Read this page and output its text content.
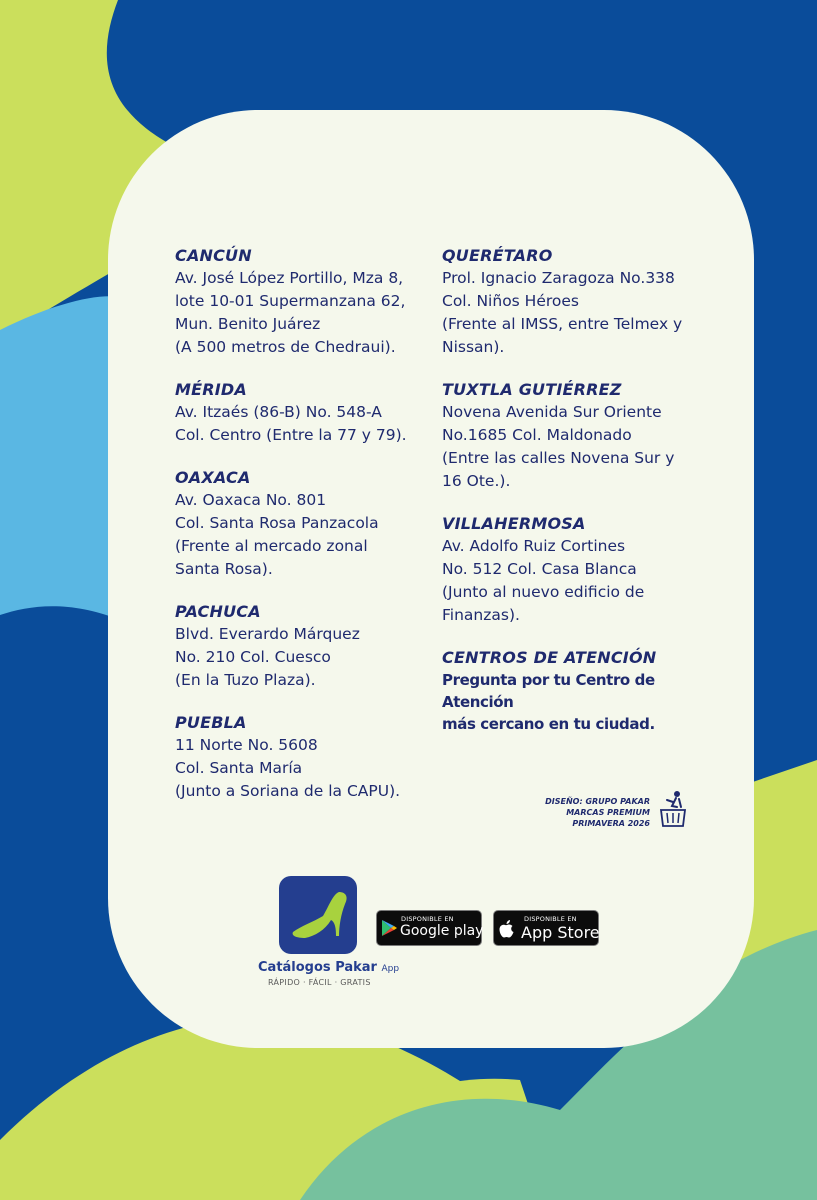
CANCÚN
Av. José López Portillo, Mza 8,
lote 10-01 Supermanzana 62,
Mun. Benito Juárez
(A 500 metros de Chedraui).
MÉRIDA
Av. Itzaés (86-B) No. 548-A
Col. Centro (Entre la 77 y 79).
OAXACA
Av. Oaxaca No. 801
Col. Santa Rosa Panzacola
(Frente al mercado zonal
Santa Rosa).
PACHUCA
Blvd. Everardo Márquez
No. 210 Col. Cuesco
(En la Tuzo Plaza).
PUEBLA
11 Norte No. 5608
Col. Santa María
(Junto a Soriana de la CAPU).
QUERÉTARO
Prol. Ignacio Zaragoza No.338
Col. Niños Héroes
(Frente al IMSS, entre Telmex y
Nissan).
TUXTLA GUTIÉRREZ
Novena Avenida Sur Oriente
No.1685 Col. Maldonado
(Entre las calles Novena Sur y
16 Ote.).
VILLAHERMOSA
Av. Adolfo Ruiz Cortines
No. 512 Col. Casa Blanca
(Junto al nuevo edificio de
Finanzas).
CENTROS DE ATENCIÓN
Pregunta por tu Centro de Atención
más cercano en tu ciudad.
DISEÑO: GRUPO PAKAR
MARCAS PREMIUM
PRIMAVERA 2026
Catálogos Pakar App
RÁPIDO · FÁCIL · GRATIS
DISPONIBLE EN
Google play
DISPONIBLE EN
App Store
